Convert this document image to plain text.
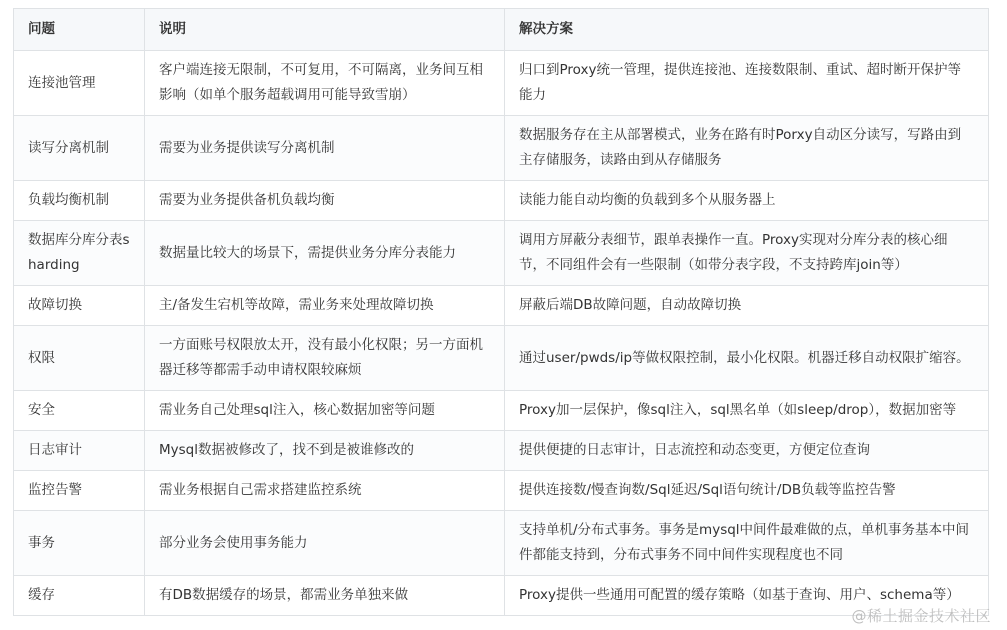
问题	说明	解决方案
连接池管理	客户端连接无限制，不可复用，不可隔离，业务间互相影响（如单个服务超载调用可能导致雪崩）	归口到Proxy统一管理，提供连接池、连接数限制、重试、超时断开保护等能力
读写分离机制	需要为业务提供读写分离机制	数据服务存在主从部署模式，业务在路有时Porxy自动区分读写，写路由到主存储服务，读路由到从存储服务
负载均衡机制	需要为业务提供备机负载均衡	读能力能自动均衡的负载到多个从服务器上
数据库分库分表sharding	数据量比较大的场景下，需提供业务分库分表能力	调用方屏蔽分表细节，跟单表操作一直。Proxy实现对分库分表的核心细节，不同组件会有一些限制（如带分表字段，不支持跨库join等）
故障切换	主/备发生宕机等故障，需业务来处理故障切换	屏蔽后端DB故障问题，自动故障切换
权限	一方面账号权限放太开，没有最小化权限；另一方面机器迁移等都需手动申请权限较麻烦	通过user/pwds/ip等做权限控制，最小化权限。机器迁移自动权限扩缩容。
安全	需业务自己处理sql注入，核心数据加密等问题	Proxy加一层保护，像sql注入，sql黑名单（如sleep/drop），数据加密等
日志审计	Mysql数据被修改了，找不到是被谁修改的	提供便捷的日志审计，日志流控和动态变更，方便定位查询
监控告警	需业务根据自己需求搭建监控系统	提供连接数/慢查询数/Sql延迟/Sql语句统计/DB负载等监控告警
事务	部分业务会使用事务能力	支持单机/分布式事务。事务是mysql中间件最难做的点，单机事务基本中间件都能支持到，分布式事务不同中间件实现程度也不同
缓存	有DB数据缓存的场景，都需业务单独来做	Proxy提供一些通用可配置的缓存策略（如基于查询、用户、schema等）
@稀土掘金技术社区
